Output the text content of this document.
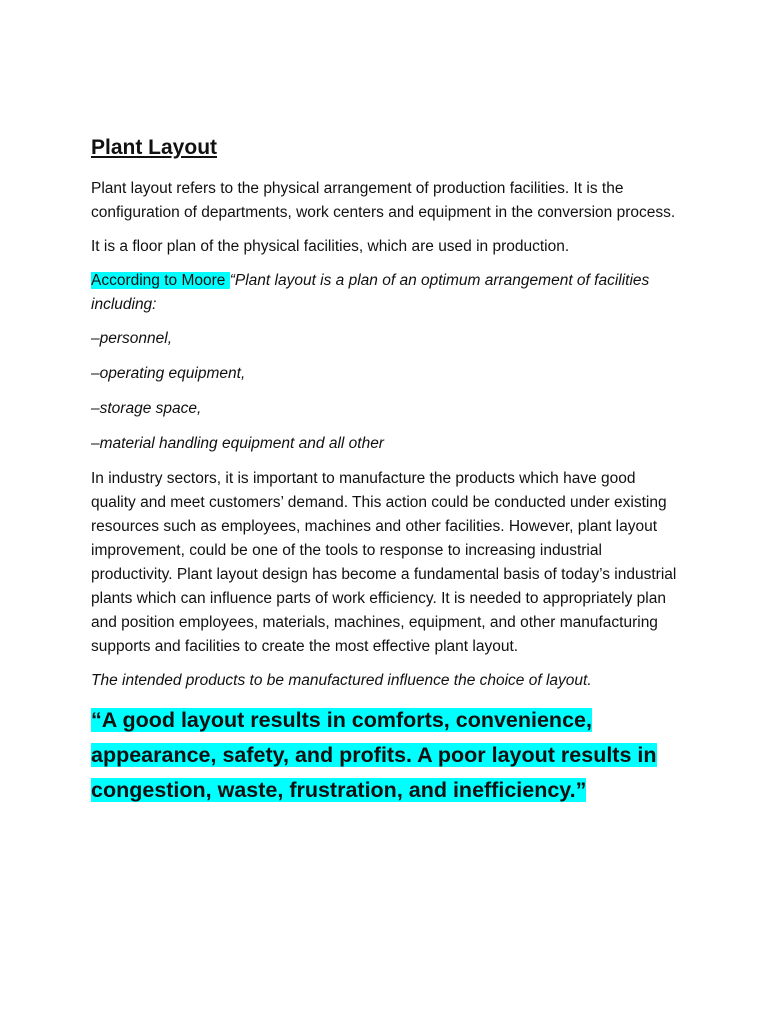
Plant Layout

Plant layout refers to the physical arrangement of production facilities. It is the configuration of departments, work centers and equipment in the conversion process.

It is a floor plan of the physical facilities, which are used in production.

According to Moore “Plant layout is a plan of an optimum arrangement of facilities including:

–personnel,
–operating equipment,
–storage space,
–material handling equipment and all other

In industry sectors, it is important to manufacture the products which have good quality and meet customers’ demand. This action could be conducted under existing resources such as employees, machines and other facilities. However, plant layout improvement, could be one of the tools to response to increasing industrial productivity. Plant layout design has become a fundamental basis of today’s industrial plants which can influence parts of work efficiency. It is needed to appropriately plan and position employees, materials, machines, equipment, and other manufacturing supports and facilities to create the most effective plant layout.

The intended products to be manufactured influence the choice of layout.

“A good layout results in comforts, convenience, appearance, safety, and profits. A poor layout results in congestion, waste, frustration, and inefficiency.”
